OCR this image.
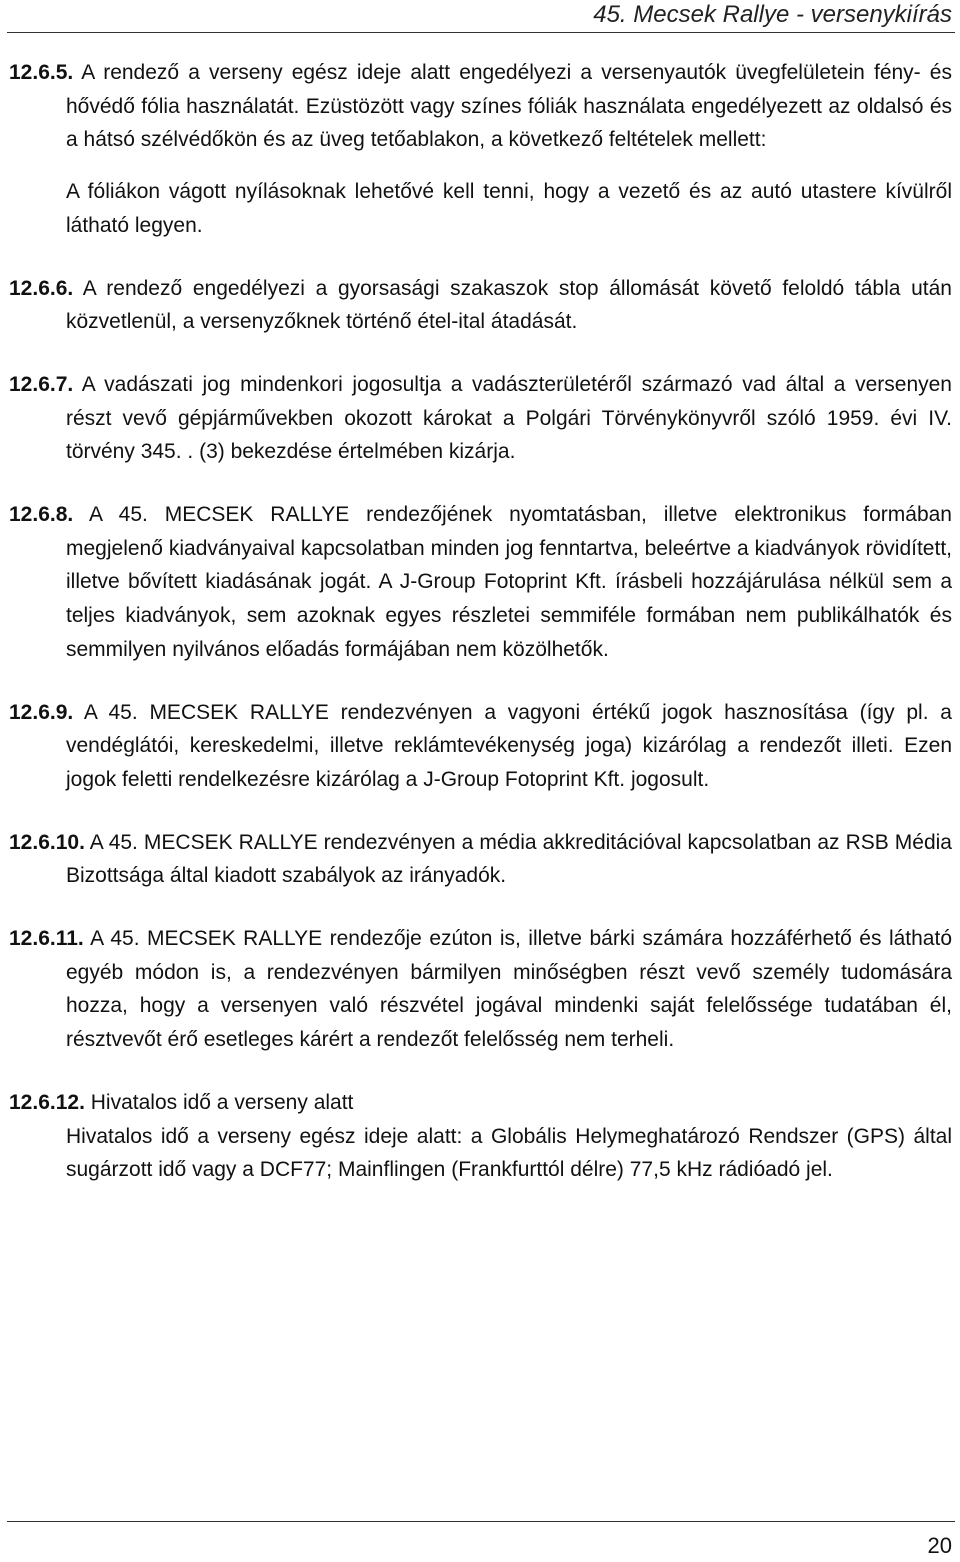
45. Mecsek Rallye - versenykiírás

12.6.5. A rendező a verseny egész ideje alatt engedélyezi a versenyautók üvegfelületein fény- és hővédő fólia használatát. Ezüstözött vagy színes fóliák használata engedélyezett az oldalsó és a hátsó szélvédőkön és az üveg tetőablakon, a következő feltételek mellett:

A fóliákon vágott nyílásoknak lehetővé kell tenni, hogy a vezető és az autó utastere kívülről látható legyen.

12.6.6. A rendező engedélyezi a gyorsasági szakaszok stop állomását követő feloldó tábla után közvetlenül, a versenyzőknek történő étel-ital átadását.

12.6.7. A vadászati jog mindenkori jogosultja a vadászterületéről származó vad által a versenyen részt vevő gépjárművekben okozott károkat a Polgári Törvénykönyvről szóló 1959. évi IV. törvény 345. . (3) bekezdése értelmében kizárja.

12.6.8. A 45. MECSEK RALLYE rendezőjének nyomtatásban, illetve elektronikus formában megjelenő kiadványaival kapcsolatban minden jog fenntartva, beleértve a kiadványok rövidített, illetve bővített kiadásának jogát. A J-Group Fotoprint Kft. írásbeli hozzájárulása nélkül sem a teljes kiadványok, sem azoknak egyes részletei semmiféle formában nem publikálhatók és semmilyen nyilvános előadás formájában nem közölhetők.

12.6.9. A 45. MECSEK RALLYE rendezvényen a vagyoni értékű jogok hasznosítása (így pl. a vendéglátói, kereskedelmi, illetve reklámtevékenység joga) kizárólag a rendezőt illeti. Ezen jogok feletti rendelkezésre kizárólag a J-Group Fotoprint Kft. jogosult.

12.6.10. A 45. MECSEK RALLYE rendezvényen a média akkreditációval kapcsolatban az RSB Média Bizottsága által kiadott szabályok az irányadók.

12.6.11. A 45. MECSEK RALLYE rendezője ezúton is, illetve bárki számára hozzáférhető és látható egyéb módon is, a rendezvényen bármilyen minőségben részt vevő személy tudomására hozza, hogy a versenyen való részvétel jogával mindenki saját felelőssége tudatában él, résztvevőt érő esetleges kárért a rendezőt felelősség nem terheli.

12.6.12. Hivatalos idő a verseny alatt
Hivatalos idő a verseny egész ideje alatt: a Globális Helymeghatározó Rendszer (GPS) által sugárzott idő vagy a DCF77; Mainflingen (Frankfurttól délre) 77,5 kHz rádióadó jel.

20
